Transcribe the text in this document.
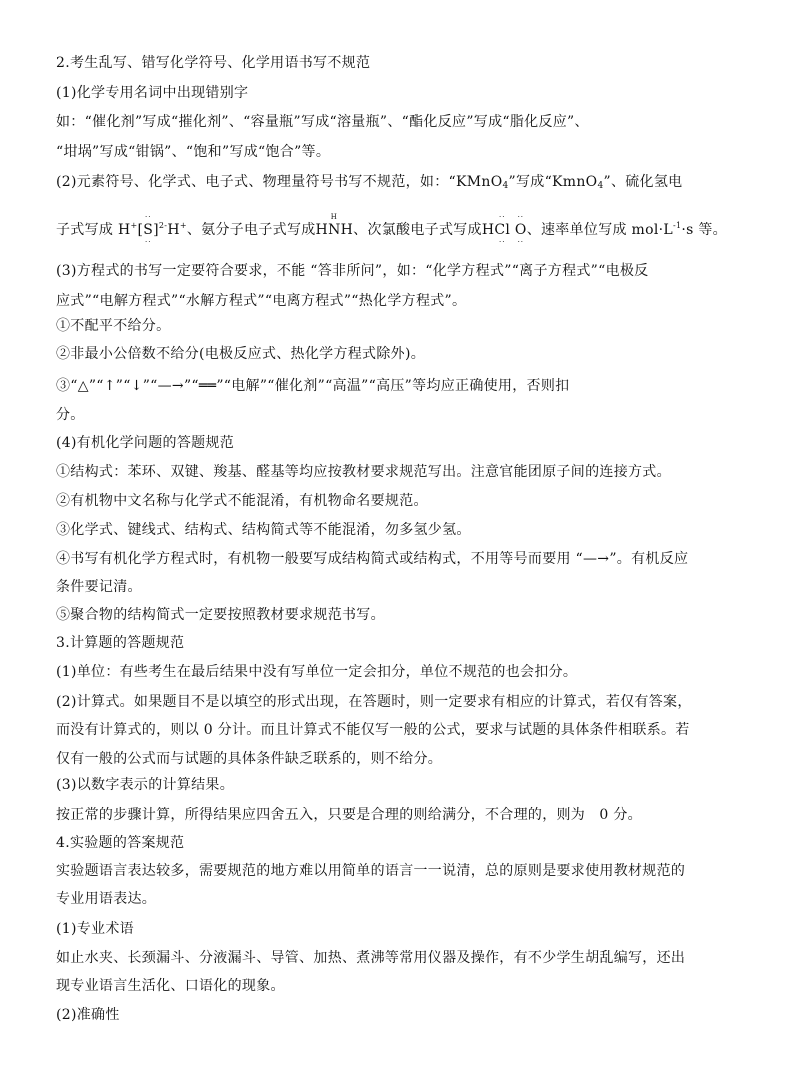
2.考生乱写、错写化学符号、化学用语书写不规范
(1)化学专用名词中出现错别字
如：“催化剂”写成“摧化剂”、“容量瓶”写成“溶量瓶”、“酯化反应”写成“脂化反应”、
“坩埚”写成“钳锅”、“饱和”写成“饱合”等。
(2)元素符号、化学式、电子式、物理量符号书写不规范，如：“KMnO$_4$”写成“KmnO$_4$”、硫化氢电
子式写成 H+[
··
S
··
]$^{2-}$H+、氨分子电子式写成H
H
NH、次氯酸电子式写成H
··
Cl
··

··
O
··
、速率单位写成 $mol\cdot L^{-1}\cdot s$ 等。
(3)方程式的书写一定要符合要求，不能 “答非所问”，如：“化学方程式”“离子方程式”“电极反
应式”“电解方程式”“水解方程式”“电离方程式”“热化学方程式”。
①不配平不给分。
②非最小公倍数不给分(电极反应式、热化学方程式除外)。
③“△”“↑”“↓”“—→”“══”“电解”“催化剂”“高温”“高压”等均应正确使用，否则扣
分。
(4)有机化学问题的答题规范
①结构式：苯环、双键、羧基、醛基等均应按教材要求规范写出。注意官能团原子间的连接方式。
②有机物中文名称与化学式不能混淆，有机物命名要规范。
③化学式、键线式、结构式、结构简式等不能混淆，勿多氢少氢。
④书写有机化学方程式时，有机物一般要写成结构简式或结构式，不用等号而要用 “—→”。有机反应
条件要记清。
⑤聚合物的结构简式一定要按照教材要求规范书写。
3.计算题的答题规范
(1)单位：有些考生在最后结果中没有写单位一定会扣分，单位不规范的也会扣分。
(2)计算式。如果题目不是以填空的形式出现，在答题时，则一定要求有相应的计算式，若仅有答案，
而没有计算式的，则以 0 分计。而且计算式不能仅写一般的公式，要求与试题的具体条件相联系。若
仅有一般的公式而与试题的具体条件缺乏联系的，则不给分。
(3)以数字表示的计算结果。
按正常的步骤计算，所得结果应四舍五入，只要是合理的则给满分，不合理的，则为　0 分。
4.实验题的答案规范
实验题语言表达较多，需要规范的地方难以用简单的语言一一说清，总的原则是要求使用教材规范的
专业用语表达。
(1)专业术语
如止水夹、长颈漏斗、分液漏斗、导管、加热、煮沸等常用仪器及操作，有不少学生胡乱编写，还出
现专业语言生活化、口语化的现象。
(2)准确性
